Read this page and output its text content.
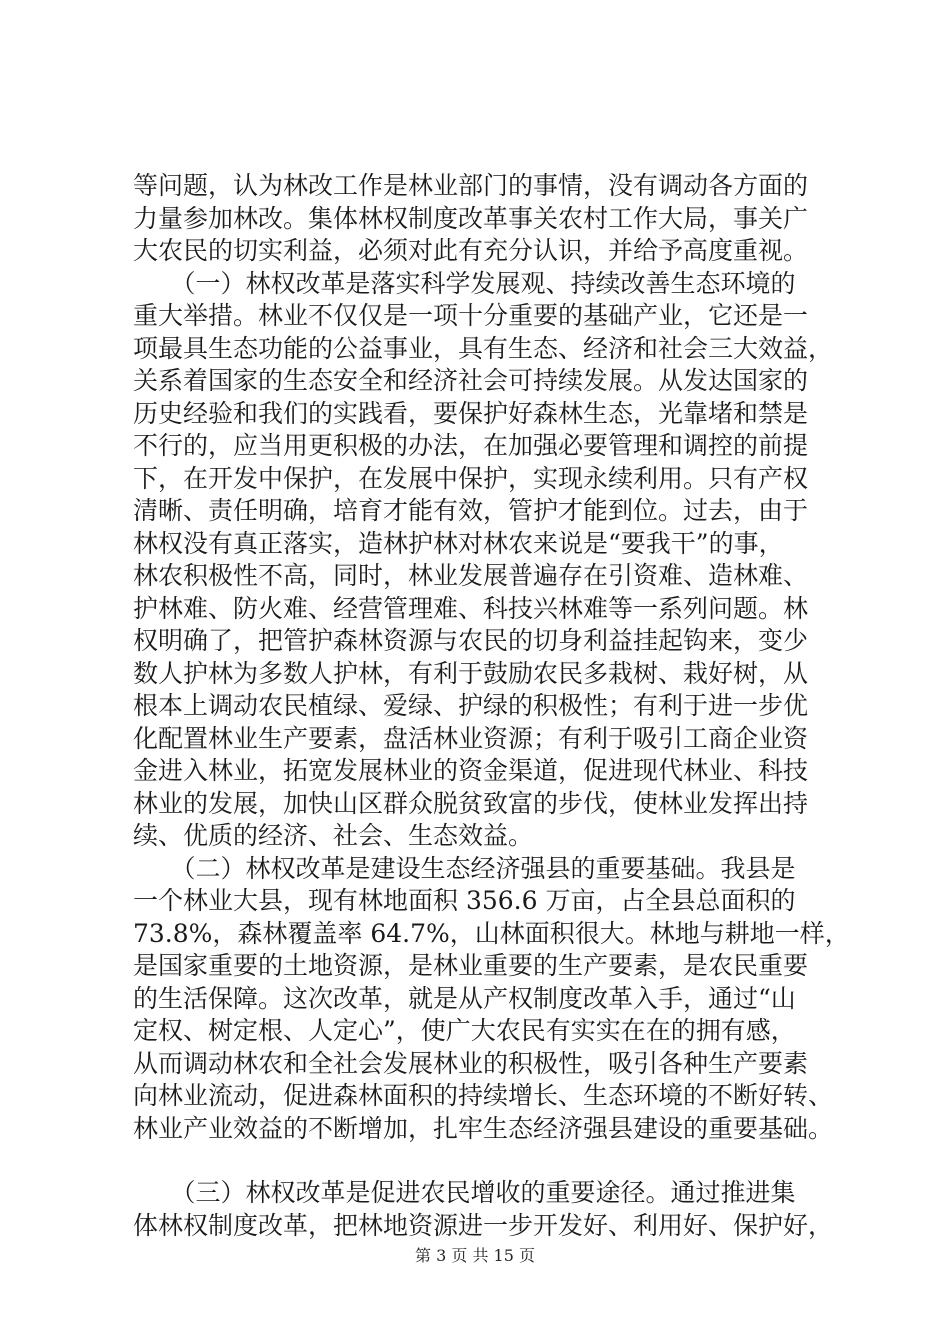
等问题，认为林改工作是林业部门的事情，没有调动各方面的
力量参加林改。集体林权制度改革事关农村工作大局，事关广
大农民的切实利益，必须对此有充分认识，并给予高度重视。
　　（一）林权改革是落实科学发展观、持续改善生态环境的
重大举措。林业不仅仅是一项十分重要的基础产业，它还是一
项最具生态功能的公益事业，具有生态、经济和社会三大效益，
关系着国家的生态安全和经济社会可持续发展。从发达国家的
历史经验和我们的实践看，要保护好森林生态，光靠堵和禁是
不行的，应当用更积极的办法，在加强必要管理和调控的前提
下，在开发中保护，在发展中保护，实现永续利用。只有产权
清晰、责任明确，培育才能有效，管护才能到位。过去，由于
林权没有真正落实，造林护林对林农来说是“要我干”的事，
林农积极性不高，同时，林业发展普遍存在引资难、造林难、
护林难、防火难、经营管理难、科技兴林难等一系列问题。林
权明确了，把管护森林资源与农民的切身利益挂起钩来，变少
数人护林为多数人护林，有利于鼓励农民多栽树、栽好树，从
根本上调动农民植绿、爱绿、护绿的积极性；有利于进一步优
化配置林业生产要素，盘活林业资源；有利于吸引工商企业资
金进入林业，拓宽发展林业的资金渠道，促进现代林业、科技
林业的发展，加快山区群众脱贫致富的步伐，使林业发挥出持
续、优质的经济、社会、生态效益。
　　（二）林权改革是建设生态经济强县的重要基础。我县是
一个林业大县，现有林地面积 356.6 万亩，占全县总面积的
73.8%，森林覆盖率 64.7%，山林面积很大。林地与耕地一样，
是国家重要的土地资源，是林业重要的生产要素，是农民重要
的生活保障。这次改革，就是从产权制度改革入手，通过“山
定权、树定根、人定心”，使广大农民有实实在在的拥有感，
从而调动林农和全社会发展林业的积极性，吸引各种生产要素
向林业流动，促进森林面积的持续增长、生态环境的不断好转、
林业产业效益的不断增加，扎牢生态经济强县建设的重要基础。
　　（三）林权改革是促进农民增收的重要途径。通过推进集
体林权制度改革，把林地资源进一步开发好、利用好、保护好，
第 3 页 共 15 页
